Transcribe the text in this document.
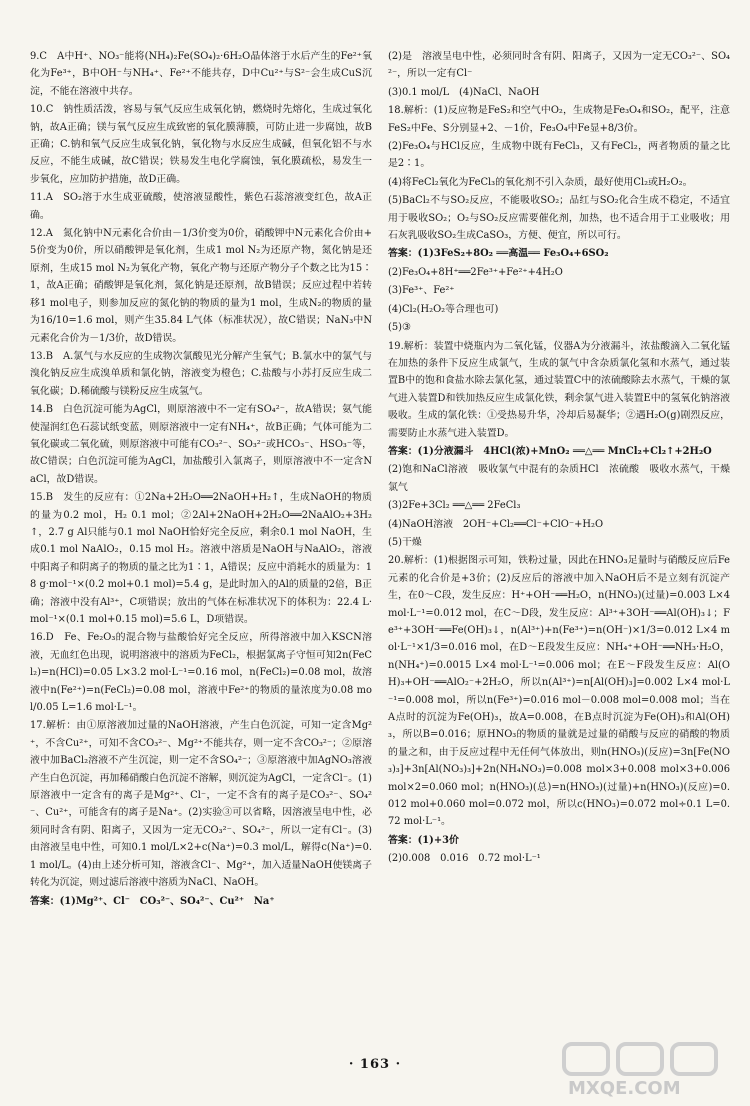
9.C　A中H⁺、NO₃⁻能将(NH₄)₂Fe(SO₄)₂·6H₂O晶体溶于水后产生的Fe²⁺氧化为Fe³⁺，B中OH⁻与NH₄⁺、Fe²⁺不能共存，D中Cu²⁺与S²⁻会生成CuS沉淀，不能在溶液中共存。

10.C　钠性质活泼，容易与氧气反应生成氧化钠，燃烧时先熔化，生成过氧化钠，故A正确；镁与氧气反应生成致密的氧化膜薄膜，可防止进一步腐蚀，故B正确；C.钠和氧气反应生成氧化钠，氧化物与水反应生成碱，但氧化铝不与水反应，不能生成碱，故C错误；铁易发生电化学腐蚀，氧化膜疏松，易发生一步氧化，应加防护措施，故D正确。

11.A　SO₂溶于水生成亚硫酸，使溶液显酸性，紫色石蕊溶液变红色，故A正确。

12.A　氮化钠中N元素化合价由－1/3价变为0价，硝酸钾中N元素化合价由+5价变为0价，所以硝酸钾是氧化剂，生成1 mol N₂为还原产物，氮化钠是还原剂，生成15 mol N₂为氧化产物，氧化产物与还原产物分子个数之比为15∶1，故A正确；硝酸钾是氧化剂，氮化钠是还原剂，故B错误；反应过程中若转移1 mol电子，则参加反应的氮化钠的物质的量为1 mol，生成N₂的物质的量为16/10=1.6 mol，则产生35.84 L气体（标准状况），故C错误；NaN₃中N元素化合价为－1/3价，故D错误。

13.B　A.氯气与水反应的生成物次氯酸见光分解产生氧气；B.氯水中的氯气与溴化钠反应生成溴单质和氯化钠，溶液变为橙色；C.盐酸与小苏打反应生成二氧化碳；D.稀硫酸与镁粉反应生成氢气。

14.B　白色沉淀可能为AgCl，则原溶液中不一定有SO₄²⁻，故A错误；氨气能使湿润红色石蕊试纸变蓝，则原溶液中一定有NH₄⁺，故B正确；气体可能为二氧化碳或二氧化硫，则原溶液中可能有CO₃²⁻、SO₃²⁻或HCO₃⁻、HSO₃⁻等，故C错误；白色沉淀可能为AgCl，加盐酸引入氯离子，则原溶液中不一定含NaCl，故D错误。

15.B　发生的反应有：①2Na+2H₂O══2NaOH+H₂↑，生成NaOH的物质的量为0.2 mol，H₂ 0.1 mol；②2Al+2NaOH+2H₂O══2NaAlO₂+3H₂↑，2.7 g Al只能与0.1 mol NaOH恰好完全反应，剩余0.1 mol NaOH，生成0.1 mol NaAlO₂，0.15 mol H₂。溶液中溶质是NaOH与NaAlO₂，溶液中阳离子和阴离子的物质的量之比为1∶1，A错误；反应中消耗水的质量为：18 g·mol⁻¹×(0.2 mol+0.1 mol)=5.4 g，是此时加入的Al的质量的2倍，B正确；溶液中没有Al³⁺，C项错误；放出的气体在标准状况下的体积为：22.4 L·mol⁻¹×(0.1 mol+0.15 mol)=5.6 L，D项错误。

16.D　Fe、Fe₂O₃的混合物与盐酸恰好完全反应，所得溶液中加入KSCN溶液，无血红色出现，说明溶液中的溶质为FeCl₂，根据氯离子守恒可知2n(FeCl₂)=n(HCl)=0.05 L×3.2 mol·L⁻¹=0.16 mol，n(FeCl₂)=0.08 mol，故溶液中n(Fe²⁺)=n(FeCl₂)=0.08 mol，溶液中Fe²⁺的物质的量浓度为0.08 mol/0.05 L=1.6 mol·L⁻¹。

17.解析：由①原溶液加过量的NaOH溶液，产生白色沉淀，可知一定含Mg²⁺，不含Cu²⁺，可知不含CO₃²⁻、Mg²⁺不能共存，则一定不含CO₃²⁻；②原溶液中加BaCl₂溶液不产生沉淀，则一定不含SO₄²⁻；③原溶液中加AgNO₃溶液产生白色沉淀，再加稀硝酸白色沉淀不溶解，则沉淀为AgCl，一定含Cl⁻。(1)原溶液中一定含有的离子是Mg²⁺、Cl⁻，一定不含有的离子是CO₃²⁻、SO₄²⁻、Cu²⁺，可能含有的离子是Na⁺。(2)实验③可以省略，因溶液呈电中性，必须同时含有阴、阳离子，又因为一定无CO₃²⁻、SO₄²⁻，所以一定有Cl⁻。(3)由溶液呈电中性，可知0.1 mol/L×2+c(Na⁺)=0.3 mol/L，解得c(Na⁺)=0.1 mol/L。(4)由上述分析可知，溶液含Cl⁻、Mg²⁺，加入适量NaOH使镁离子转化为沉淀，则过滤后溶液中溶质为NaCl、NaOH。

答案：(1)Mg²⁺、Cl⁻　CO₃²⁻、SO₄²⁻、Cu²⁺　Na⁺

(2)是　溶液呈电中性，必须同时含有阴、阳离子，又因为一定无CO₃²⁻、SO₄²⁻，所以一定有Cl⁻

(3)0.1 mol/L　(4)NaCl、NaOH

18.解析：(1)反应物是FeS₂和空气中O₂，生成物是Fe₃O₄和SO₂，配平，注意FeS₂中Fe、S分别显+2、－1价，Fe₃O₄中Fe显+8/3价。

(2)Fe₃O₄与HCl反应，生成物中既有FeCl₃，又有FeCl₂，两者物质的量之比是2∶1。

(4)将FeCl₂氧化为FeCl₃的氧化剂不引入杂质，最好使用Cl₂或H₂O₂。

(5)BaCl₂不与SO₂反应，不能吸收SO₂；品红与SO₂化合生成不稳定，不适宜用于吸收SO₂；O₂与SO₂反应需要催化剂，加热，也不适合用于工业吸收；用石灰乳吸收SO₂生成CaSO₃，方便、便宜，所以可行。

答案：(1)3FeS₂+8O₂ ══高温══ Fe₃O₄+6SO₂

(2)Fe₃O₄+8H⁺══2Fe³⁺+Fe²⁺+4H₂O

(3)Fe³⁺、Fe²⁺

(4)Cl₂(H₂O₂等合理也可)

(5)③

19.解析：装置中烧瓶内为二氧化锰，仪器A为分液漏斗，浓盐酸滴入二氧化锰在加热的条件下反应生成氯气，生成的氯气中含杂质氯化氢和水蒸气，通过装置B中的饱和食盐水除去氯化氢，通过装置C中的浓硫酸除去水蒸气，干燥的氯气进入装置D和铁加热反应生成氯化铁，剩余氯气进入装置E中的氢氧化钠溶液吸收。生成的氯化铁：①受热易升华，冷却后易凝华；②遇H₂O(g)剧烈反应，需要防止水蒸气进入装置D。

答案：(1)分液漏斗　4HCl(浓)+MnO₂ ══△══ MnCl₂+Cl₂↑+2H₂O

(2)饱和NaCl溶液　吸收氯气中混有的杂质HCl　浓硫酸　吸收水蒸气，干燥氯气

(3)2Fe+3Cl₂ ══△══ 2FeCl₃

(4)NaOH溶液　2OH⁻+Cl₂══Cl⁻+ClO⁻+H₂O

(5)干燥

20.解析：(1)根据图示可知，铁粉过量，因此在HNO₃足量时与硝酸反应后Fe元素的化合价是+3价；(2)反应后的溶液中加入NaOH后不是立刻有沉淀产生，在0～C段，发生反应：H⁺+OH⁻══H₂O，n(HNO₃)(过量)=0.003 L×4 mol·L⁻¹=0.012 mol，在C～D段，发生反应：Al³⁺+3OH⁻══Al(OH)₃↓；Fe³⁺+3OH⁻══Fe(OH)₃↓，n(Al³⁺)+n(Fe³⁺)=n(OH⁻)×1/3=0.012 L×4 mol·L⁻¹×1/3=0.016 mol，在D～E段发生反应：NH₄⁺+OH⁻══NH₃·H₂O，n(NH₄⁺)=0.0015 L×4 mol·L⁻¹=0.006 mol；在E～F段发生反应：Al(OH)₃+OH⁻══AlO₂⁻+2H₂O，所以n(Al³⁺)=n[Al(OH)₃]=0.002 L×4 mol·L⁻¹=0.008 mol，所以n(Fe³⁺)=0.016 mol－0.008 mol=0.008 mol；当在A点时的沉淀为Fe(OH)₃，故A=0.008，在B点时沉淀为Fe(OH)₃和Al(OH)₃，所以B=0.016；原HNO₃的物质的量就是过量的硝酸与反应的硝酸的物质的量之和，由于反应过程中无任何气体放出，则n(HNO₃)(反应)=3n[Fe(NO₃)₃]+3n[Al(NO₃)₃]+2n(NH₄NO₃)=0.008 mol×3+0.008 mol×3+0.006 mol×2=0.060 mol；n(HNO₃)(总)=n(HNO₃)(过量)+n(HNO₃)(反应)=0.012 mol+0.060 mol=0.072 mol，所以c(HNO₃)=0.072 mol÷0.1 L=0.72 mol·L⁻¹。

答案：(1)+3价

(2)0.008　0.016　0.72 mol·L⁻¹

· 163 ·
MXQE.COM
